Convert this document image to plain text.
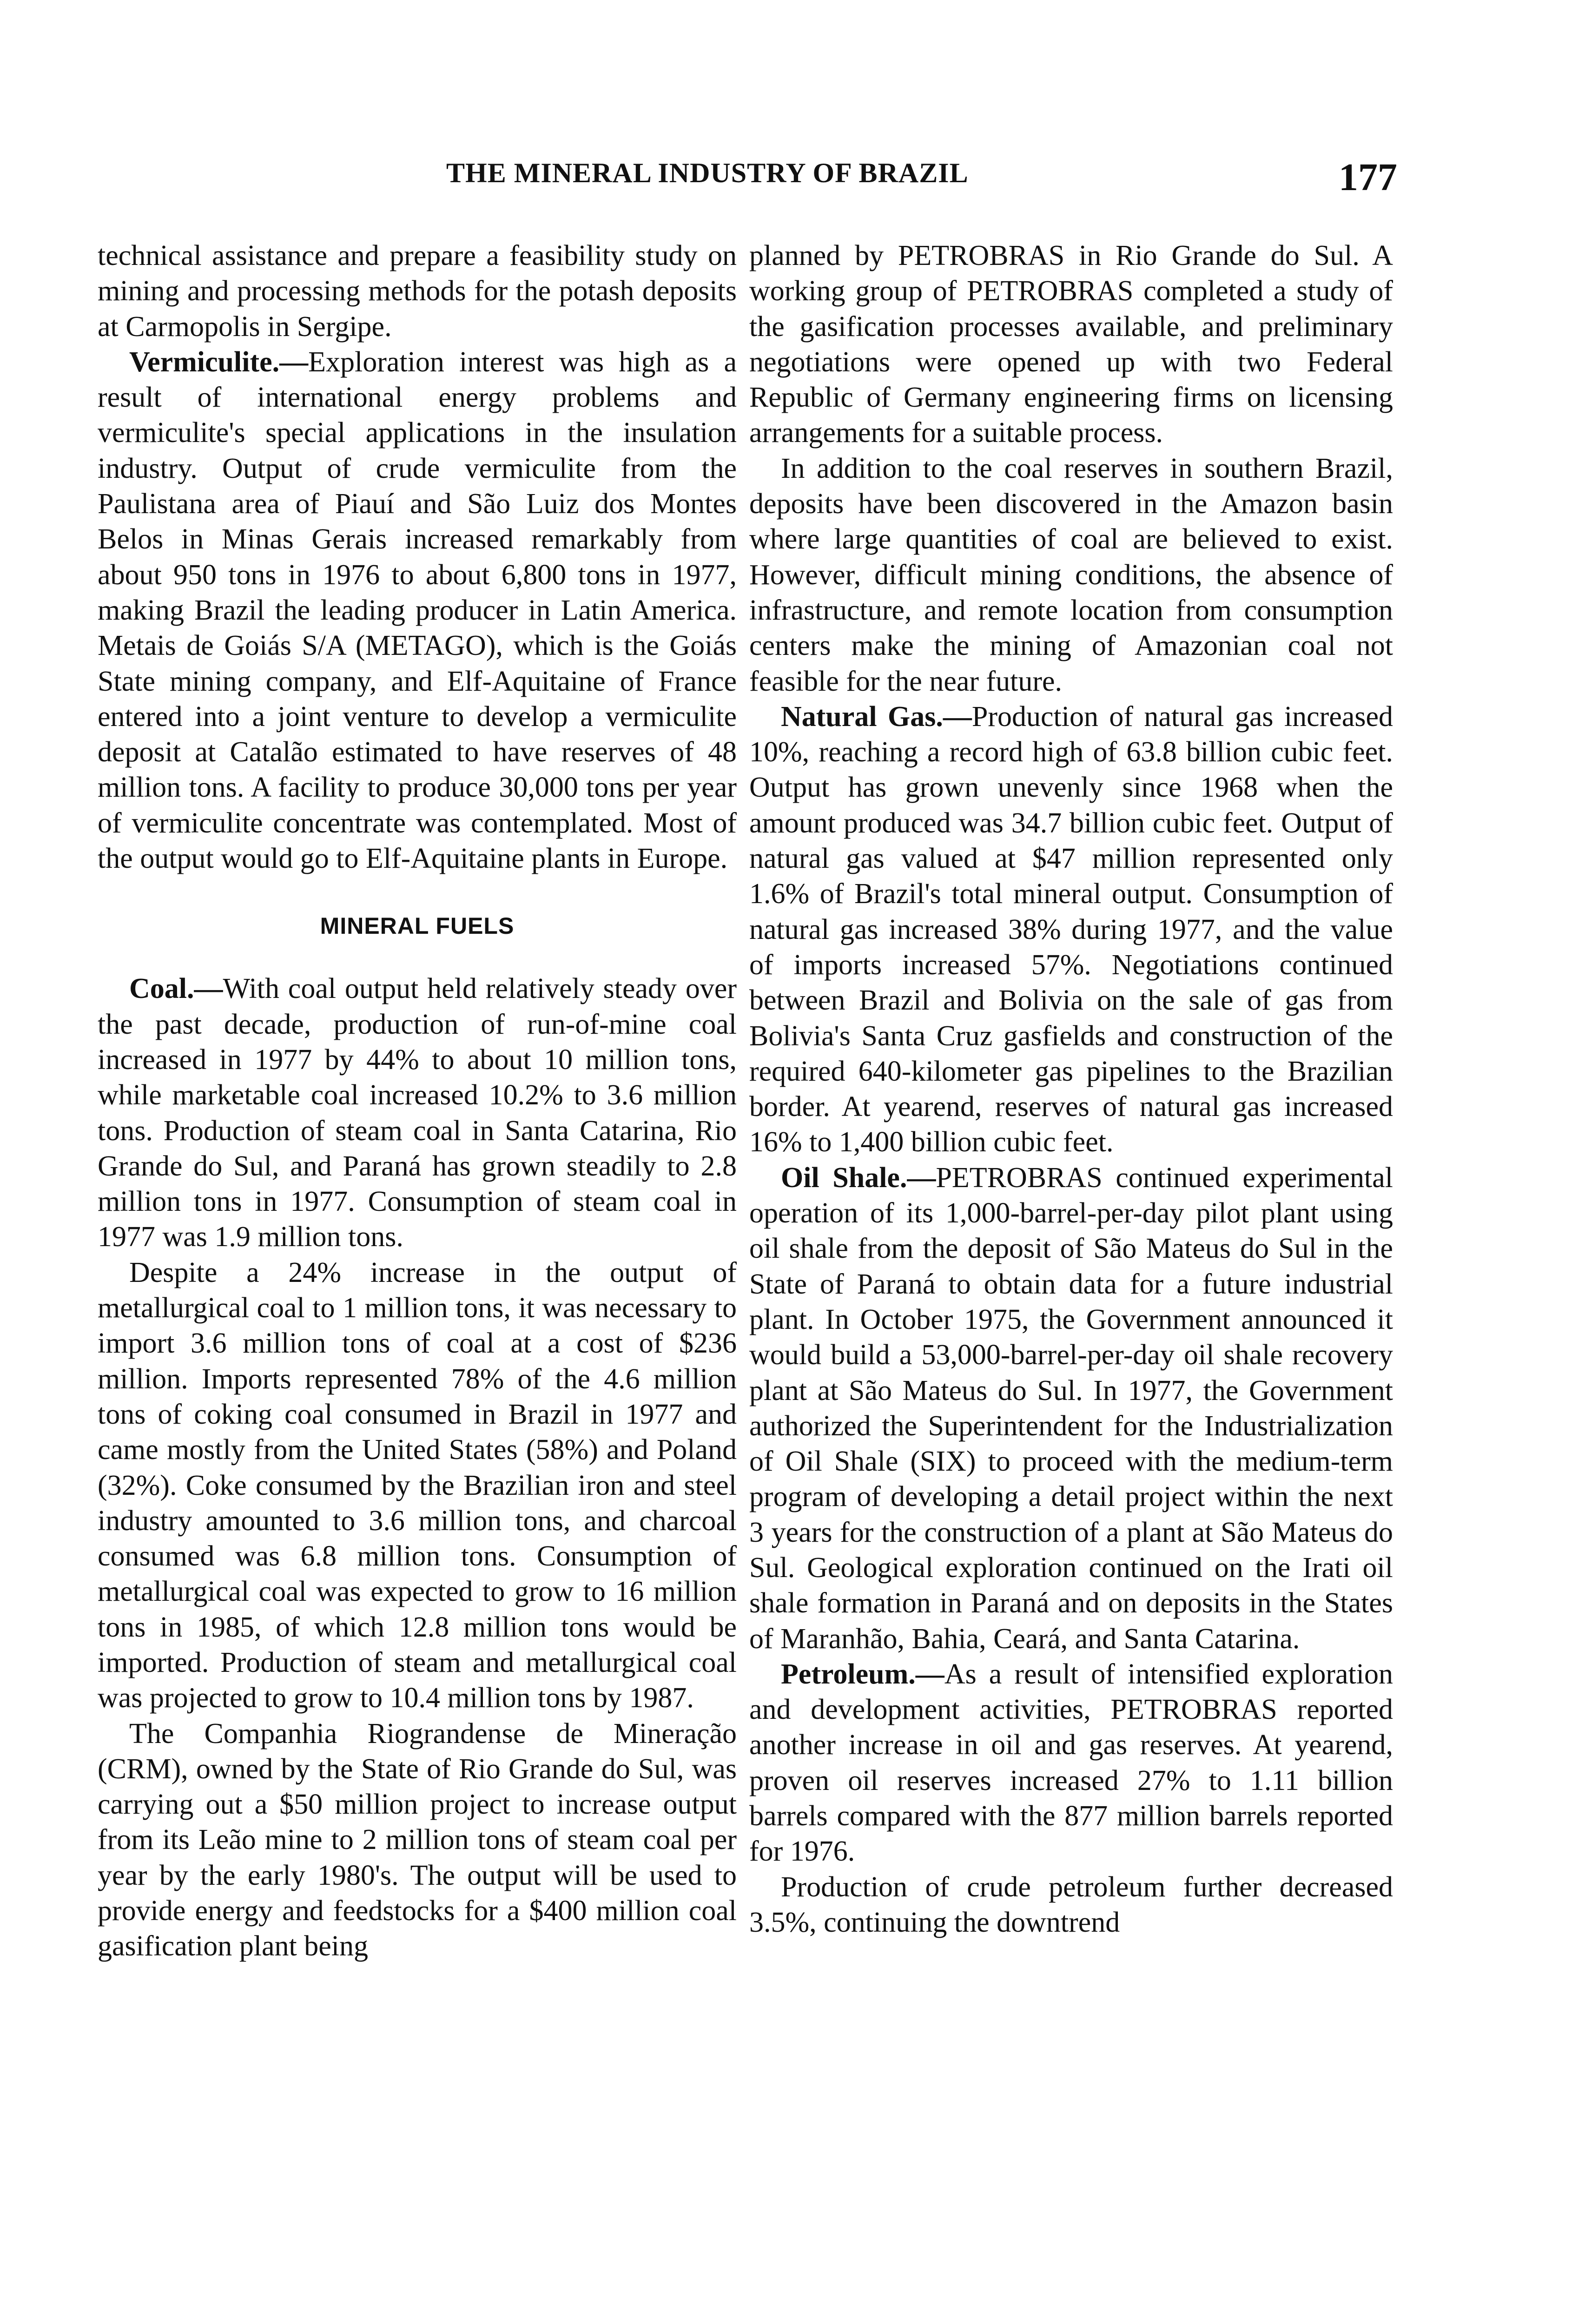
THE MINERAL INDUSTRY OF BRAZIL	177

technical assistance and prepare a feasibility study on mining and processing methods for the potash deposits at Carmopolis in Sergipe.

Vermiculite.—Exploration interest was high as a result of international energy problems and vermiculite's special applications in the insulation industry. Output of crude vermiculite from the Paulistana area of Piauí and São Luiz dos Montes Belos in Minas Gerais increased remarkably from about 950 tons in 1976 to about 6,800 tons in 1977, making Brazil the leading producer in Latin America. Metais de Goiás S/A (METAGO), which is the Goiás State mining company, and Elf-Aquitaine of France entered into a joint venture to develop a vermiculite deposit at Catalão estimated to have reserves of 48 million tons. A facility to produce 30,000 tons per year of vermiculite concentrate was contemplated. Most of the output would go to Elf-Aquitaine plants in Europe.

MINERAL FUELS

Coal.—With coal output held relatively steady over the past decade, production of run-of-mine coal increased in 1977 by 44% to about 10 million tons, while marketable coal increased 10.2% to 3.6 million tons. Production of steam coal in Santa Catarina, Rio Grande do Sul, and Paraná has grown steadily to 2.8 million tons in 1977. Consumption of steam coal in 1977 was 1.9 million tons.

Despite a 24% increase in the output of metallurgical coal to 1 million tons, it was necessary to import 3.6 million tons of coal at a cost of $236 million. Imports represented 78% of the 4.6 million tons of coking coal consumed in Brazil in 1977 and came mostly from the United States (58%) and Poland (32%). Coke consumed by the Brazilian iron and steel industry amounted to 3.6 million tons, and charcoal consumed was 6.8 million tons. Consumption of metallurgical coal was expected to grow to 16 million tons in 1985, of which 12.8 million tons would be imported. Production of steam and metallurgical coal was projected to grow to 10.4 million tons by 1987.

The Companhia Riograndense de Mineração (CRM), owned by the State of Rio Grande do Sul, was carrying out a $50 million project to increase output from its Leão mine to 2 million tons of steam coal per year by the early 1980's. The output will be used to provide energy and feedstocks for a $400 million coal gasification plant being

planned by PETROBRAS in Rio Grande do Sul. A working group of PETROBRAS completed a study of the gasification processes available, and preliminary negotiations were opened up with two Federal Republic of Germany engineering firms on licensing arrangements for a suitable process.

In addition to the coal reserves in southern Brazil, deposits have been discovered in the Amazon basin where large quantities of coal are believed to exist. However, difficult mining conditions, the absence of infrastructure, and remote location from consumption centers make the mining of Amazonian coal not feasible for the near future.

Natural Gas.—Production of natural gas increased 10%, reaching a record high of 63.8 billion cubic feet. Output has grown unevenly since 1968 when the amount produced was 34.7 billion cubic feet. Output of natural gas valued at $47 million represented only 1.6% of Brazil's total mineral output. Consumption of natural gas increased 38% during 1977, and the value of imports increased 57%. Negotiations continued between Brazil and Bolivia on the sale of gas from Bolivia's Santa Cruz gasfields and construction of the required 640-kilometer gas pipelines to the Brazilian border. At yearend, reserves of natural gas increased 16% to 1,400 billion cubic feet.

Oil Shale.—PETROBRAS continued experimental operation of its 1,000-barrel-per-day pilot plant using oil shale from the deposit of São Mateus do Sul in the State of Paraná to obtain data for a future industrial plant. In October 1975, the Government announced it would build a 53,000-barrel-per-day oil shale recovery plant at São Mateus do Sul. In 1977, the Government authorized the Superintendent for the Industrialization of Oil Shale (SIX) to proceed with the medium-term program of developing a detail project within the next 3 years for the construction of a plant at São Mateus do Sul. Geological exploration continued on the Irati oil shale formation in Paraná and on deposits in the States of Maranhão, Bahia, Ceará, and Santa Catarina.

Petroleum.—As a result of intensified exploration and development activities, PETROBRAS reported another increase in oil and gas reserves. At yearend, proven oil reserves increased 27% to 1.11 billion barrels compared with the 877 million barrels reported for 1976.

Production of crude petroleum further decreased 3.5%, continuing the downtrend
